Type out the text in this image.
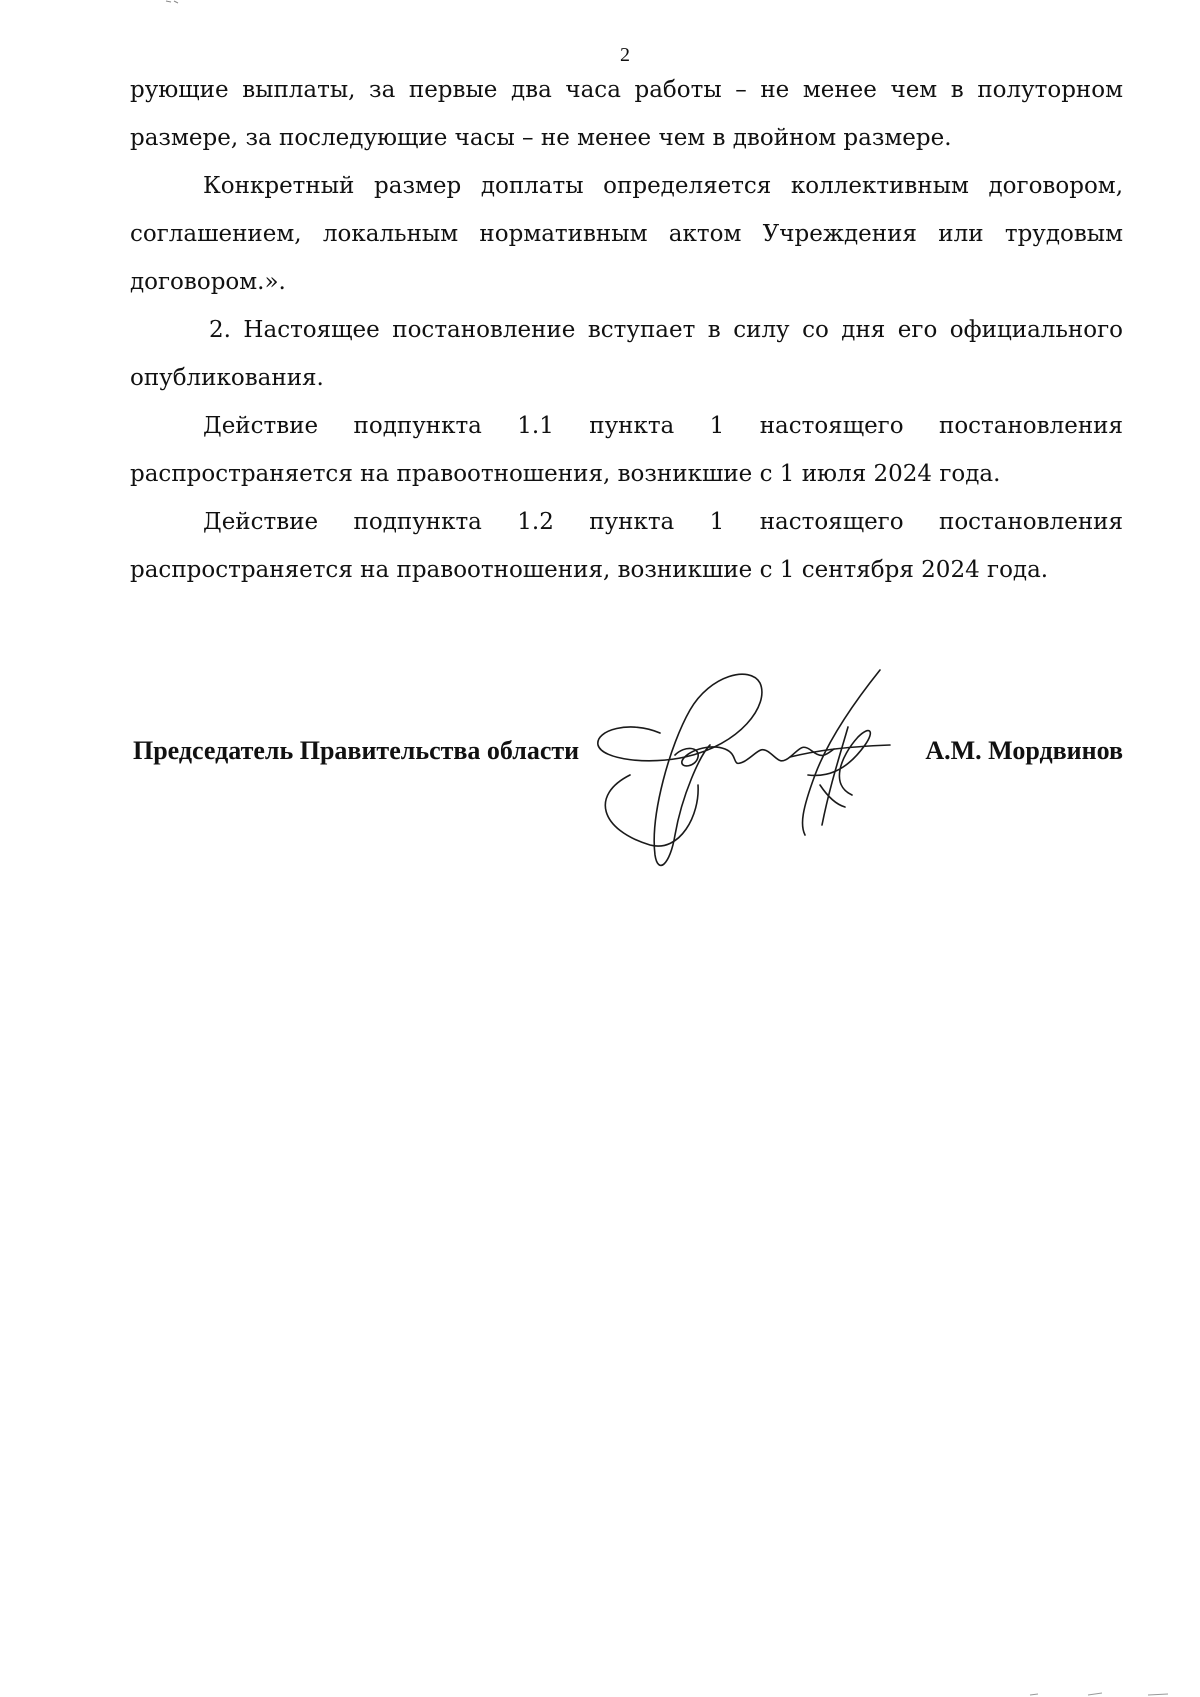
2

рующие выплаты, за первые два часа работы – не менее чем в полуторном размере, за последующие часы – не менее чем в двойном размере.

Конкретный размер доплаты определяется коллективным договором, соглашением, локальным нормативным актом Учреждения или трудовым договором.».

2. Настоящее постановление вступает в силу со дня его официального опубликования.

Действие подпункта 1.1 пункта 1 настоящего постановления распространяется на правоотношения, возникшие с 1 июля 2024 года.

Действие подпункта 1.2 пункта 1 настоящего постановления распространяется на правоотношения, возникшие с 1 сентября 2024 года.

Председатель Правительства области	А.М. Мордвинов
